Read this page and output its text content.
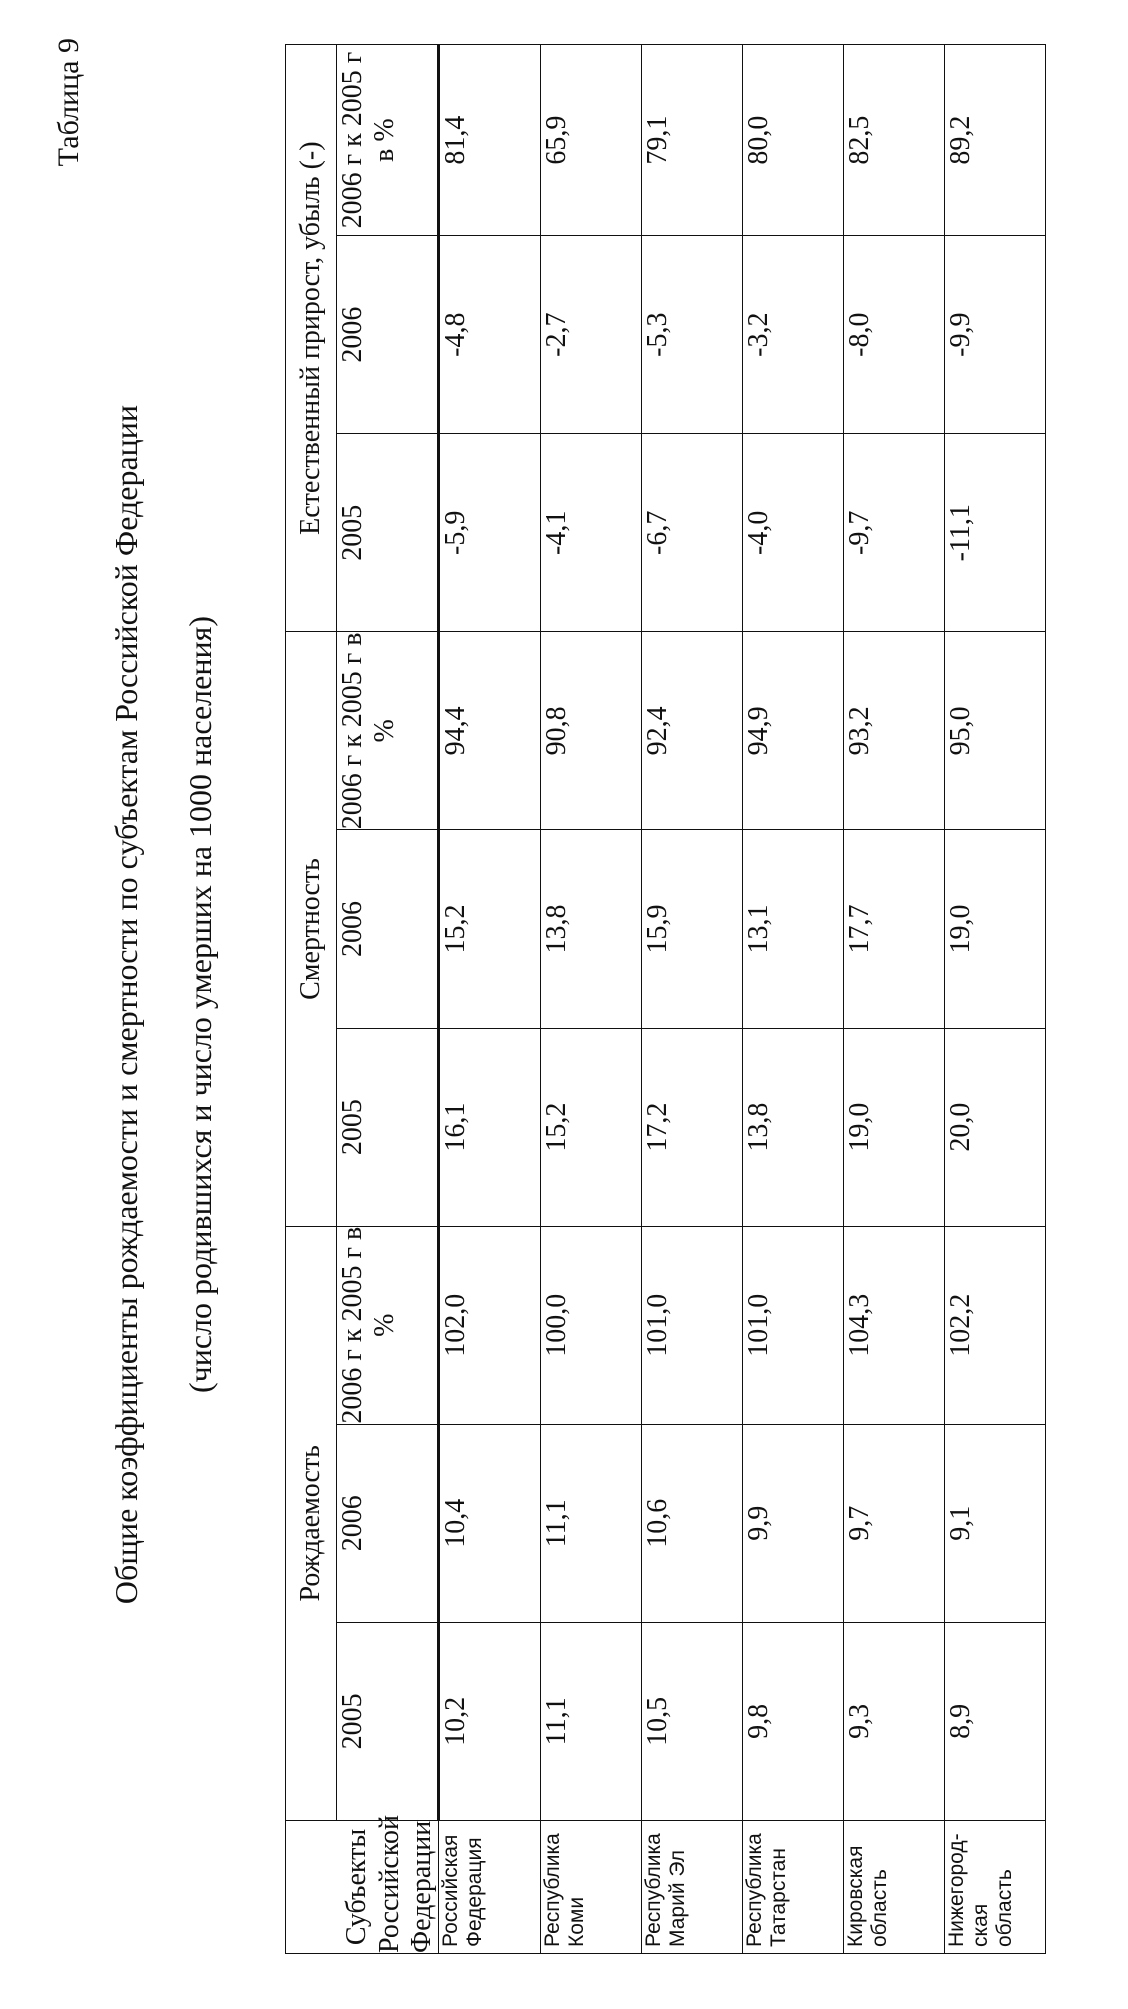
Таблица 9
Общие коэффициенты рождаемости и смертности по субъектам Российской Федерации (число родившихся и число умерших на 1000 населения)
Субъекты Российской Федерации	Рождаемость			Смертность			Естественный прирост, убыль (-)		
	2005	2006	2006 г к 2005 г в %	2005	2006	2006 г к 2005 г в %	2005	2006	2006 г к 2005 г в %
Российская Федерация	10,2	10,4	102,0	16,1	15,2	94,4	-5,9	-4,8	81,4
Республика Коми	11,1	11,1	100,0	15,2	13,8	90,8	-4,1	-2,7	65,9
Республика Марий Эл	10,5	10,6	101,0	17,2	15,9	92,4	-6,7	-5,3	79,1
Республика Татарстан	9,8	9,9	101,0	13,8	13,1	94,9	-4,0	-3,2	80,0
Кировская область	9,3	9,7	104,3	19,0	17,7	93,2	-9,7	-8,0	82,5
Нижегород-ская область	8,9	9,1	102,2	20,0	19,0	95,0	-11,1	-9,9	89,2
